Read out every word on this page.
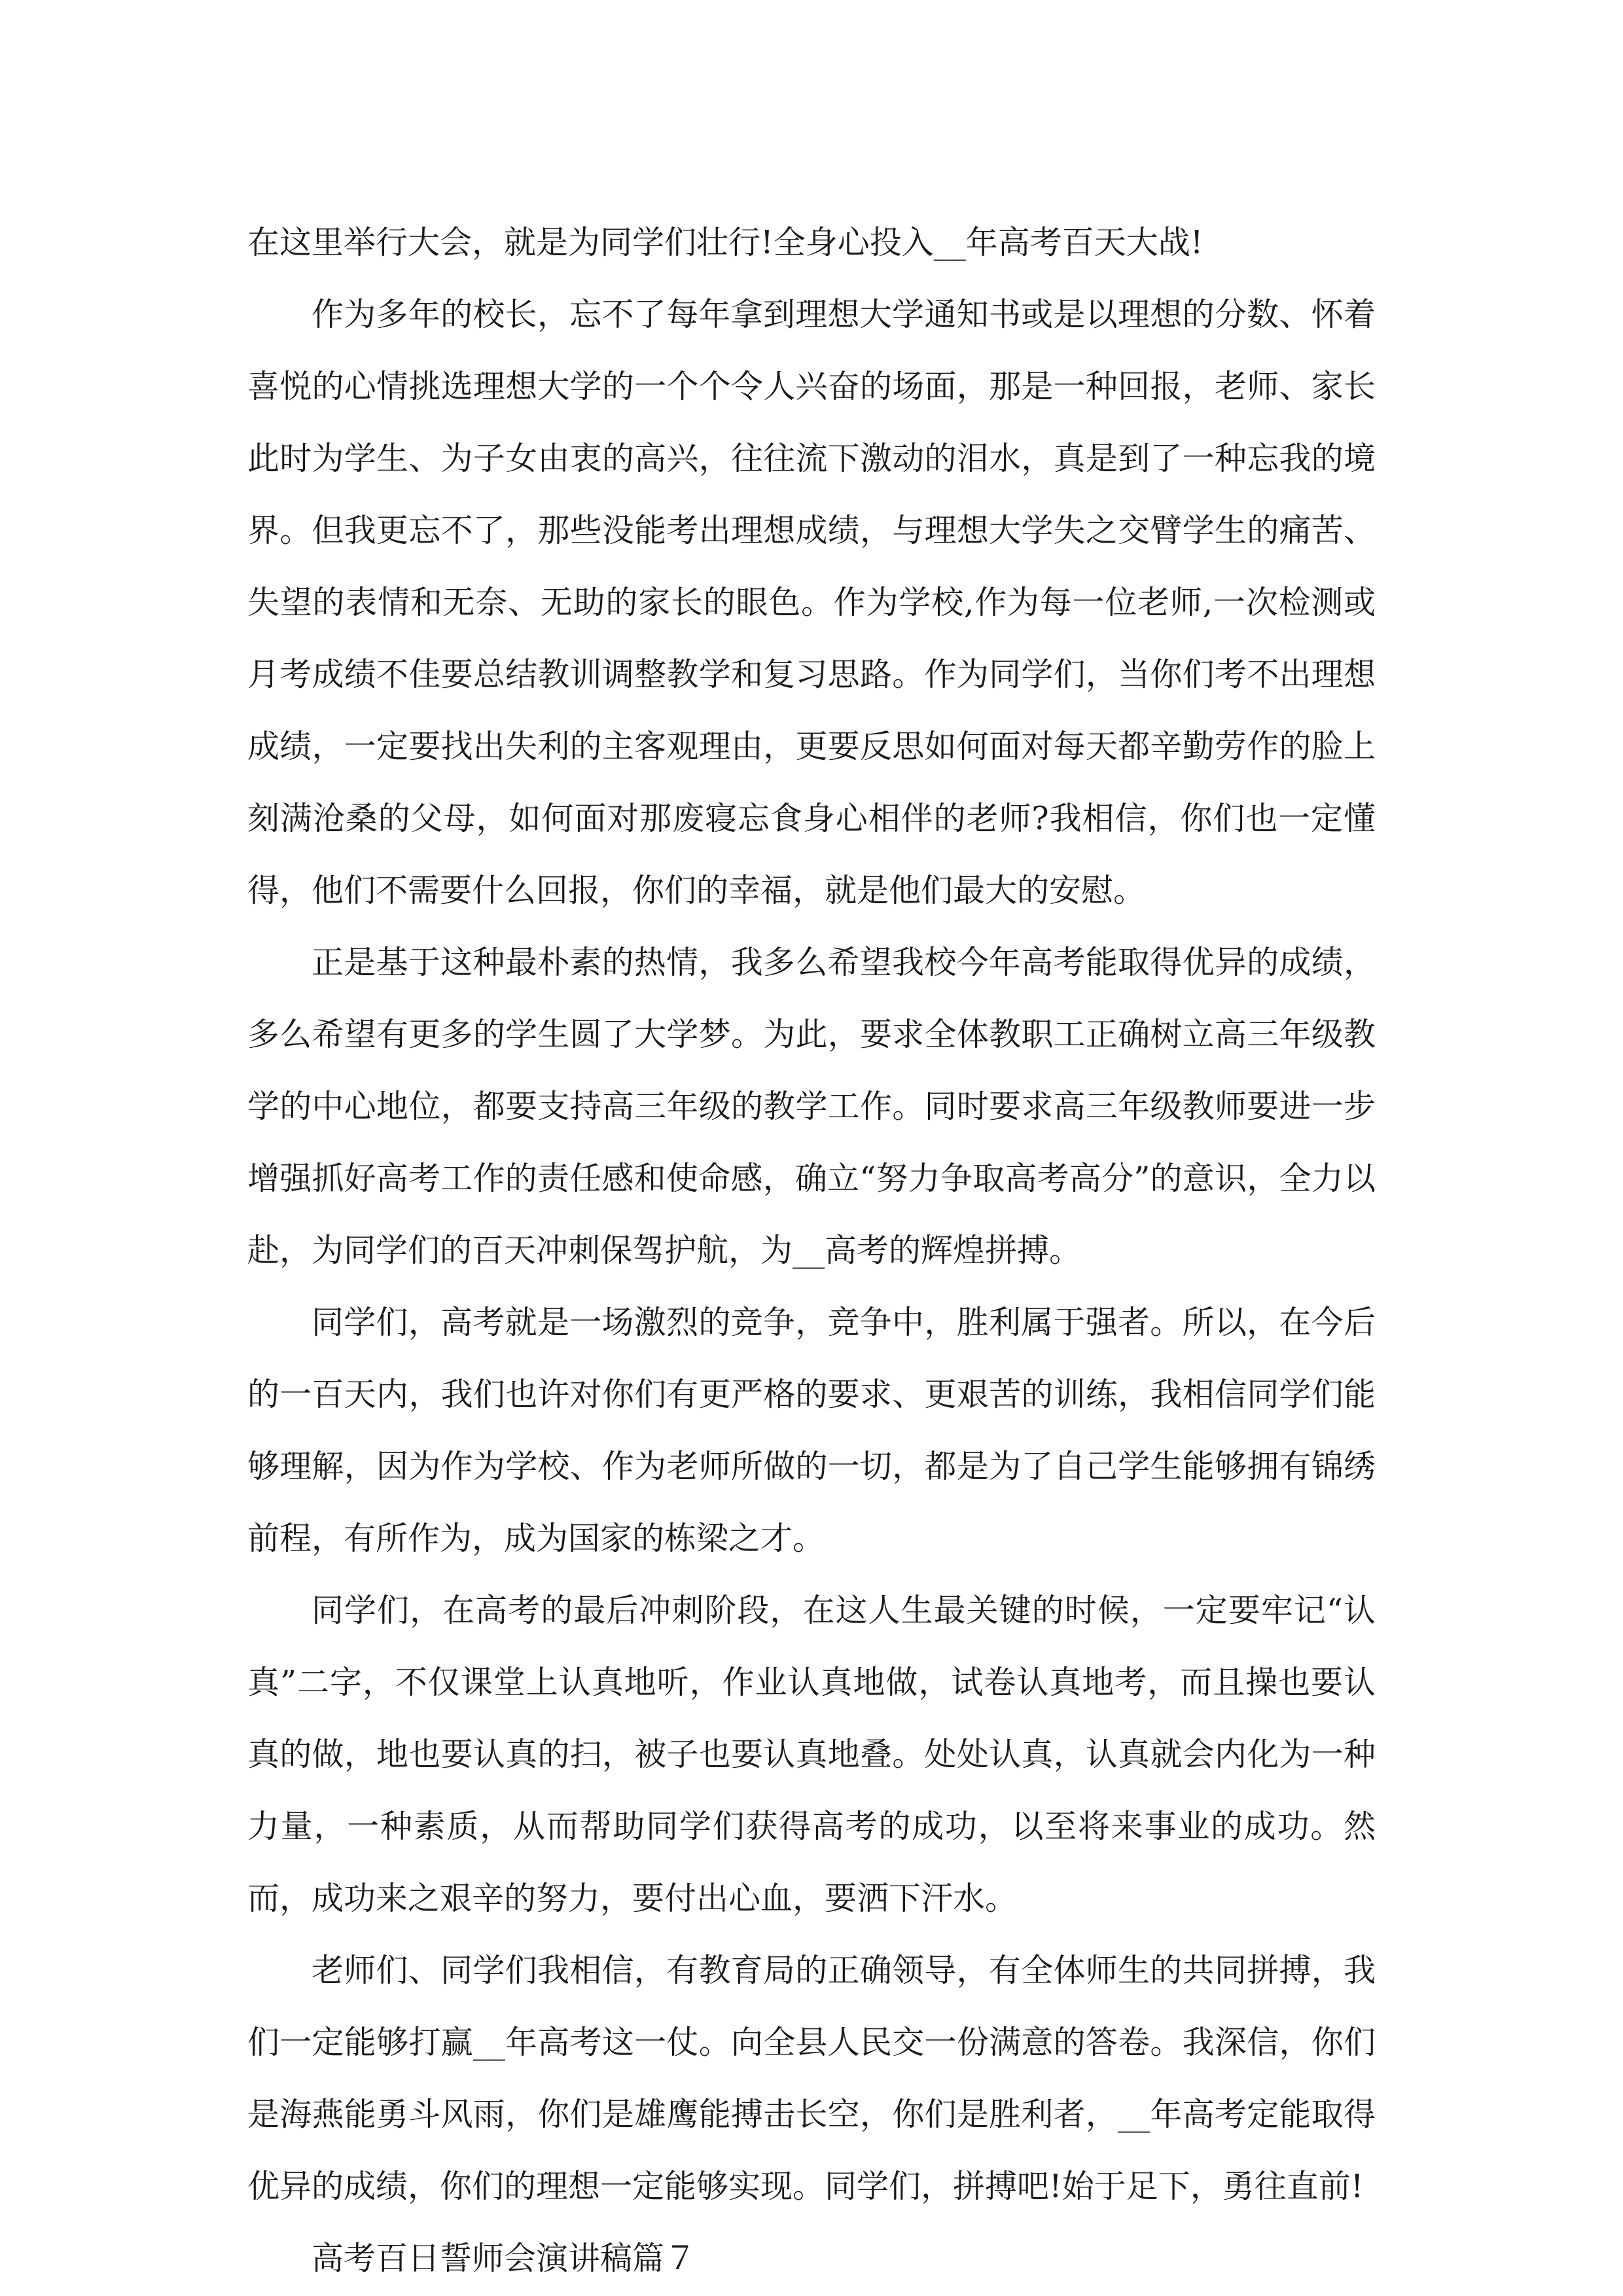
在这里举行大会，就是为同学们壮行!全身心投入__年高考百天大战!

作为多年的校长，忘不了每年拿到理想大学通知书或是以理想的分数、怀着喜悦的心情挑选理想大学的一个个令人兴奋的场面，那是一种回报，老师、家长此时为学生、为子女由衷的高兴，往往流下激动的泪水，真是到了一种忘我的境界。但我更忘不了，那些没能考出理想成绩，与理想大学失之交臂学生的痛苦、失望的表情和无奈、无助的家长的眼色。作为学校,作为每一位老师,一次检测或月考成绩不佳要总结教训调整教学和复习思路。作为同学们，当你们考不出理想成绩，一定要找出失利的主客观理由，更要反思如何面对每天都辛勤劳作的脸上刻满沧桑的父母，如何面对那废寝忘食身心相伴的老师?我相信，你们也一定懂得，他们不需要什么回报，你们的幸福，就是他们最大的安慰。

正是基于这种最朴素的热情，我多么希望我校今年高考能取得优异的成绩，多么希望有更多的学生圆了大学梦。为此，要求全体教职工正确树立高三年级教学的中心地位，都要支持高三年级的教学工作。同时要求高三年级教师要进一步增强抓好高考工作的责任感和使命感，确立“努力争取高考高分”的意识，全力以赴，为同学们的百天冲刺保驾护航，为__高考的辉煌拼搏。

同学们，高考就是一场激烈的竞争，竞争中，胜利属于强者。所以，在今后的一百天内，我们也许对你们有更严格的要求、更艰苦的训练，我相信同学们能够理解，因为作为学校、作为老师所做的一切，都是为了自己学生能够拥有锦绣前程，有所作为，成为国家的栋梁之才。

同学们，在高考的最后冲刺阶段，在这人生最关键的时候，一定要牢记“认真”二字，不仅课堂上认真地听，作业认真地做，试卷认真地考，而且操也要认真的做，地也要认真的扫，被子也要认真地叠。处处认真，认真就会内化为一种力量，一种素质，从而帮助同学们获得高考的成功，以至将来事业的成功。然而，成功来之艰辛的努力，要付出心血，要洒下汗水。

老师们、同学们我相信，有教育局的正确领导，有全体师生的共同拼搏，我们一定能够打赢__年高考这一仗。向全县人民交一份满意的答卷。我深信，你们是海燕能勇斗风雨，你们是雄鹰能搏击长空，你们是胜利者，__年高考定能取得优异的成绩，你们的理想一定能够实现。同学们，拼搏吧!始于足下，勇往直前!

高考百日誓师会演讲稿篇７
